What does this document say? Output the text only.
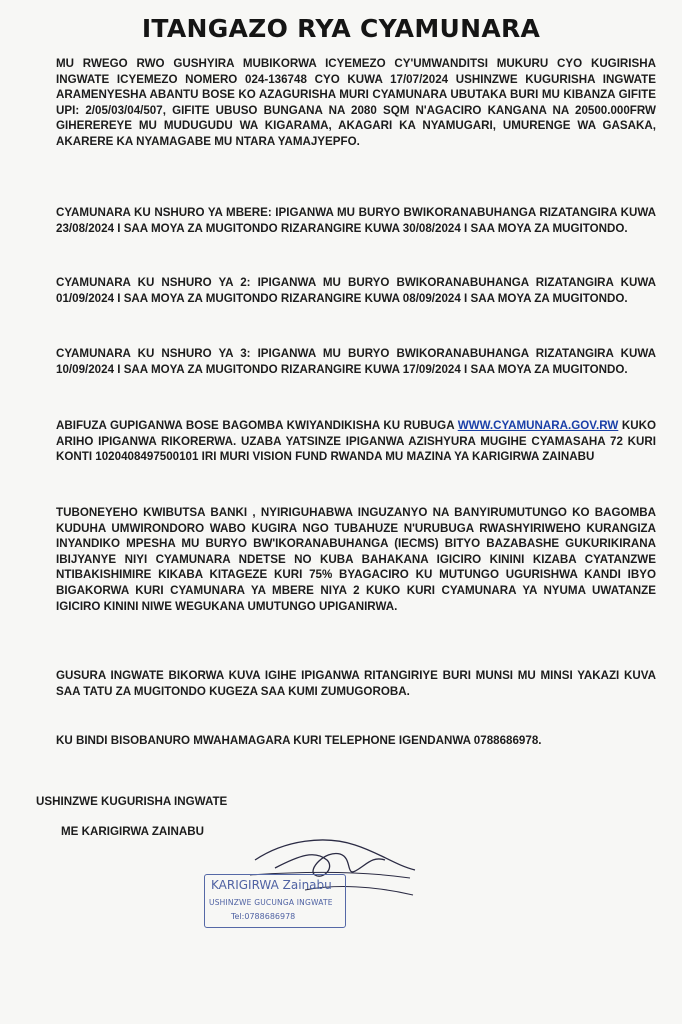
ITANGAZO RYA CYAMUNARA
MU RWEGO RWO GUSHYIRA MUBIKORWA ICYEMEZO CY'UMWANDITSI MUKURU CYO KUGIRISHA INGWATE ICYEMEZO NOMERO 024-136748 CYO KUWA 17/07/2024 USHINZWE KUGURISHA INGWATE ARAMENYESHA ABANTU BOSE KO AZAGURISHA MURI CYAMUNARA UBUTAKA BURI MU KIBANZA GIFITE UPI: 2/05/03/04/507, GIFITE UBUSO BUNGANA NA 2080 SQM N'AGACIRO KANGANA NA 20500.000FRW GIHEREREYE MU MUDUGUDU WA KIGARAMA, AKAGARI KA NYAMUGARI, UMURENGE WA GASAKA, AKARERE KA NYAMAGABE MU NTARA YAMAJYEPFO.
CYAMUNARA KU NSHURO YA MBERE: IPIGANWA MU BURYO BWIKORANABUHANGA RIZATANGIRA KUWA 23/08/2024 I SAA MOYA ZA MUGITONDO RIZARANGIRE KUWA 30/08/2024 I SAA MOYA ZA MUGITONDO.
CYAMUNARA KU NSHURO YA 2: IPIGANWA MU BURYO BWIKORANABUHANGA RIZATANGIRA KUWA 01/09/2024 I SAA MOYA ZA MUGITONDO RIZARANGIRE KUWA 08/09/2024 I SAA MOYA ZA MUGITONDO.
CYAMUNARA KU NSHURO YA 3: IPIGANWA MU BURYO BWIKORANABUHANGA RIZATANGIRA KUWA 10/09/2024 I SAA MOYA ZA MUGITONDO RIZARANGIRE KUWA 17/09/2024 I SAA MOYA ZA MUGITONDO.
ABIFUZA GUPIGANWA BOSE BAGOMBA KWIYANDIKISHA KU RUBUGA WWW.CYAMUNARA.GOV.RW KUKO ARIHO IPIGANWA RIKORERWA. UZABA YATSINZE IPIGANWA AZISHYURA MUGIHE CYAMASAHA 72 KURI KONTI 1020408497500101 IRI MURI VISION FUND RWANDA MU MAZINA YA KARIGIRWA ZAINABU
TUBONEYEHO KWIBUTSA BANKI , NYIRIGUHABWA INGUZANYO NA BANYIRUMUTUNGO KO BAGOMBA KUDUHA UMWIRONDORO WABO KUGIRA NGO TUBAHUZE N'URUBUGA RWASHYIRIWEHO KURANGIZA INYANDIKO MPESHA MU BURYO BW'IKORANABUHANGA (IECMS) BITYO BAZABASHE GUKURIKIRANA IBIJYANYE NIYI CYAMUNARA NDETSE NO KUBA BAHAKANA IGICIRO KININI KIZABA CYATANZWE NTIBAKISHIMIRE KIKABA KITAGEZE KURI 75% BYAGACIRO KU MUTUNGO UGURISHWA KANDI IBYO BIGAKORWA KURI CYAMUNARA YA MBERE NIYA 2 KUKO KURI CYAMUNARA YA NYUMA UWATANZE IGICIRO KININI NIWE WEGUKANA UMUTUNGO UPIGANIRWA.
GUSURA INGWATE BIKORWA KUVA IGIHE IPIGANWA RITANGIRIYE BURI MUNSI MU MINSI YAKAZI KUVA SAA TATU ZA MUGITONDO KUGEZA SAA KUMI ZUMUGOROBA.
KU BINDI BISOBANURO MWAHAMAGARA KURI TELEPHONE IGENDANWA 0788686978.
USHINZWE KUGURISHA INGWATE
ME KARIGIRWA ZAINABU
KARIGIRWA Zainabu
USHINZWE GUCUNGA INGWATE
Tel:0788686978
